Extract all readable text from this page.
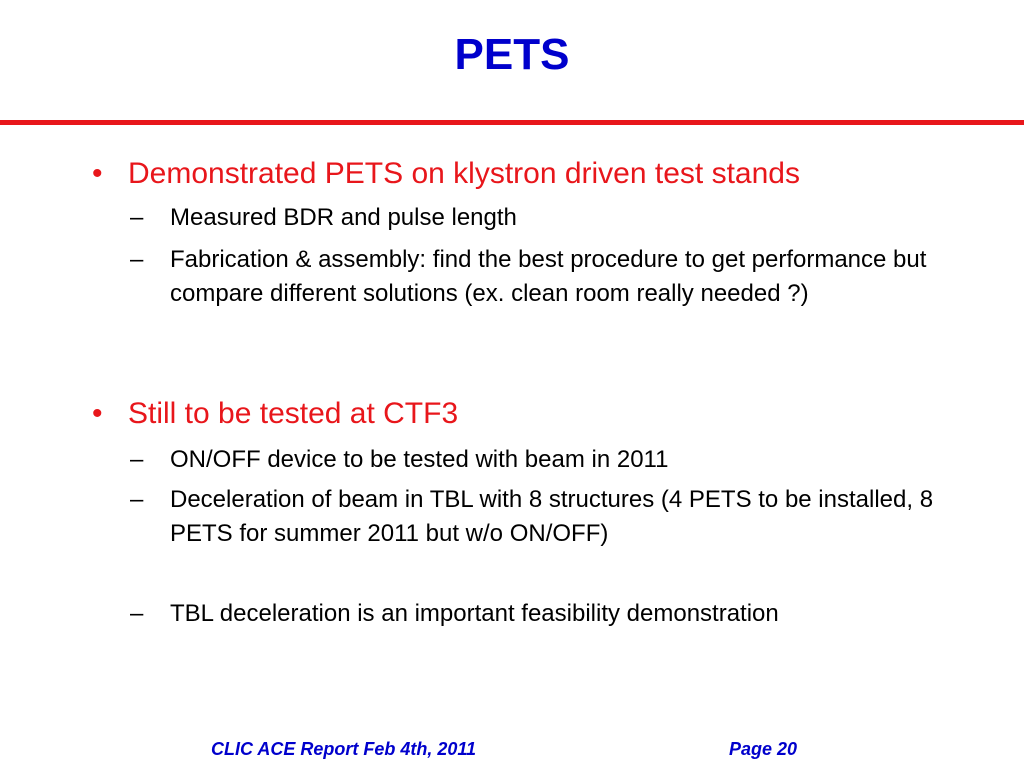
PETS
• Demonstrated PETS on klystron driven test stands
– Measured BDR and pulse length
– Fabrication & assembly: find the best procedure to get performance but compare different solutions (ex. clean room really needed ?)
• Still to be tested at CTF3
– ON/OFF device to be tested with beam in 2011
– Deceleration of beam in TBL with 8 structures (4 PETS to be installed, 8 PETS for summer 2011 but w/o ON/OFF)
– TBL deceleration is an important feasibility demonstration
CLIC ACE Report Feb 4th, 2011	Page 20
